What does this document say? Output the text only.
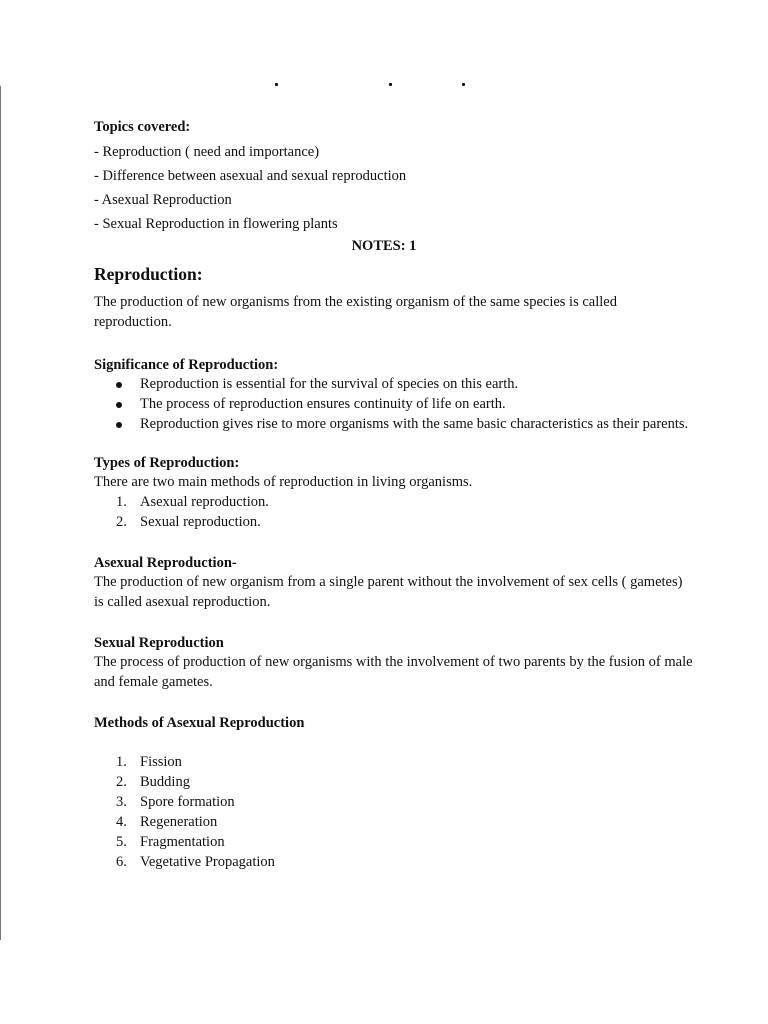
Topics covered:

- Reproduction ( need and importance)

- Difference between asexual and sexual reproduction

- Asexual Reproduction

- Sexual Reproduction in flowering plants

NOTES: 1

Reproduction:

The production of new organisms from the existing organism of the same species is called reproduction.

Significance of Reproduction:

Reproduction is essential for the survival of species on this earth.
The process of reproduction ensures continuity of life on earth.
Reproduction gives rise to more organisms with the same basic characteristics as their parents.

Types of Reproduction:

There are two main methods of reproduction in living organisms.

1. Asexual reproduction.
2. Sexual reproduction.

Asexual Reproduction-

The production of new organism from a single parent without the involvement of sex cells ( gametes) is called asexual reproduction.

Sexual Reproduction

The process of production of new organisms with the involvement of two parents by the fusion of male and female gametes.

Methods of Asexual Reproduction

1. Fission
2. Budding
3. Spore formation
4. Regeneration
5. Fragmentation
6. Vegetative Propagation
